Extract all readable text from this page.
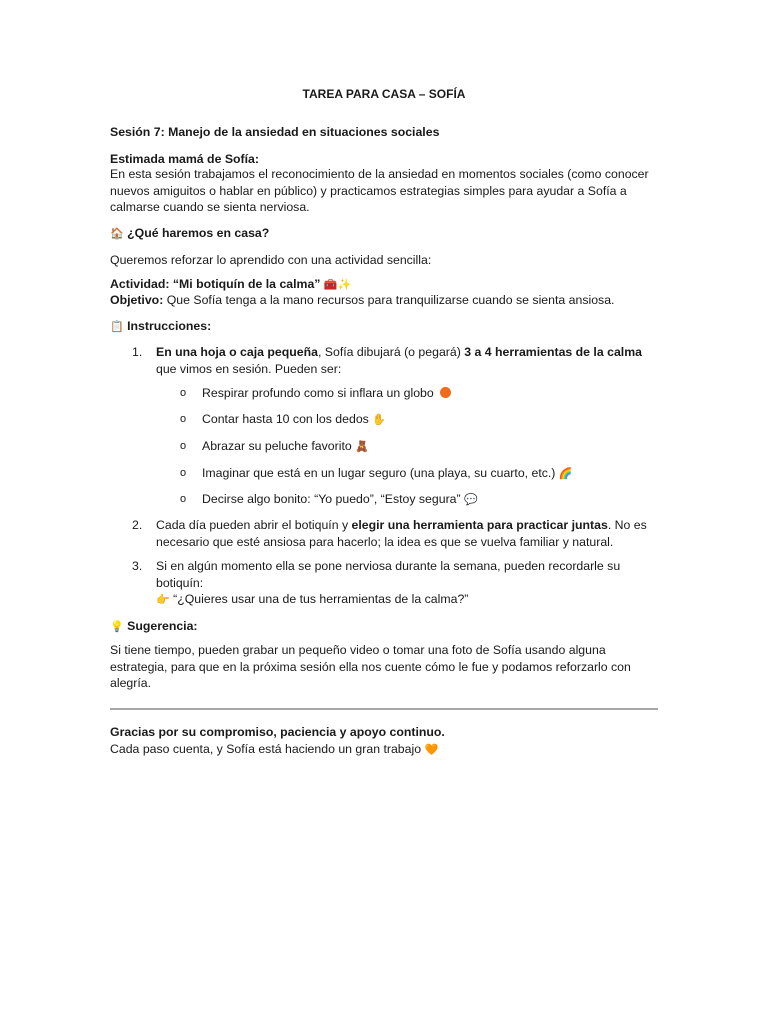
TAREA PARA CASA – SOFÍA
Sesión 7: Manejo de la ansiedad en situaciones sociales
Estimada mamá de Sofía:
En esta sesión trabajamos el reconocimiento de la ansiedad en momentos sociales (como conocer nuevos amiguitos o hablar en público) y practicamos estrategias simples para ayudar a Sofía a calmarse cuando se sienta nerviosa.
🏠 ¿Qué haremos en casa?
Queremos reforzar lo aprendido con una actividad sencilla:
Actividad: “Mi botiquín de la calma” 🧰✨
Objetivo: Que Sofía tenga a la mano recursos para tranquilizarse cuando se sienta ansiosa.
📋 Instrucciones:
1.	En una hoja o caja pequeña, Sofía dibujará (o pegará) 3 a 4 herramientas de la calma
que vimos en sesión. Pueden ser:
o	Respirar profundo como si inflara un globo
o	Contar hasta 10 con los dedos ✋
o	Abrazar su peluche favorito 🧸
o	Imaginar que está en un lugar seguro (una playa, su cuarto, etc.) 🌈
o	Decirse algo bonito: “Yo puedo”, “Estoy segura” 💬
2.	Cada día pueden abrir el botiquín y elegir una herramienta para practicar juntas. No es
necesario que esté ansiosa para hacerlo; la idea es que se vuelva familiar y natural.
3.	Si en algún momento ella se pone nerviosa durante la semana, pueden recordarle su
botiquín:
👉 “¿Quieres usar una de tus herramientas de la calma?”
💡 Sugerencia:
Si tiene tiempo, pueden grabar un pequeño video o tomar una foto de Sofía usando alguna estrategia, para que en la próxima sesión ella nos cuente cómo le fue y podamos reforzarlo con alegría.
Gracias por su compromiso, paciencia y apoyo continuo.
Cada paso cuenta, y Sofía está haciendo un gran trabajo 🧡
